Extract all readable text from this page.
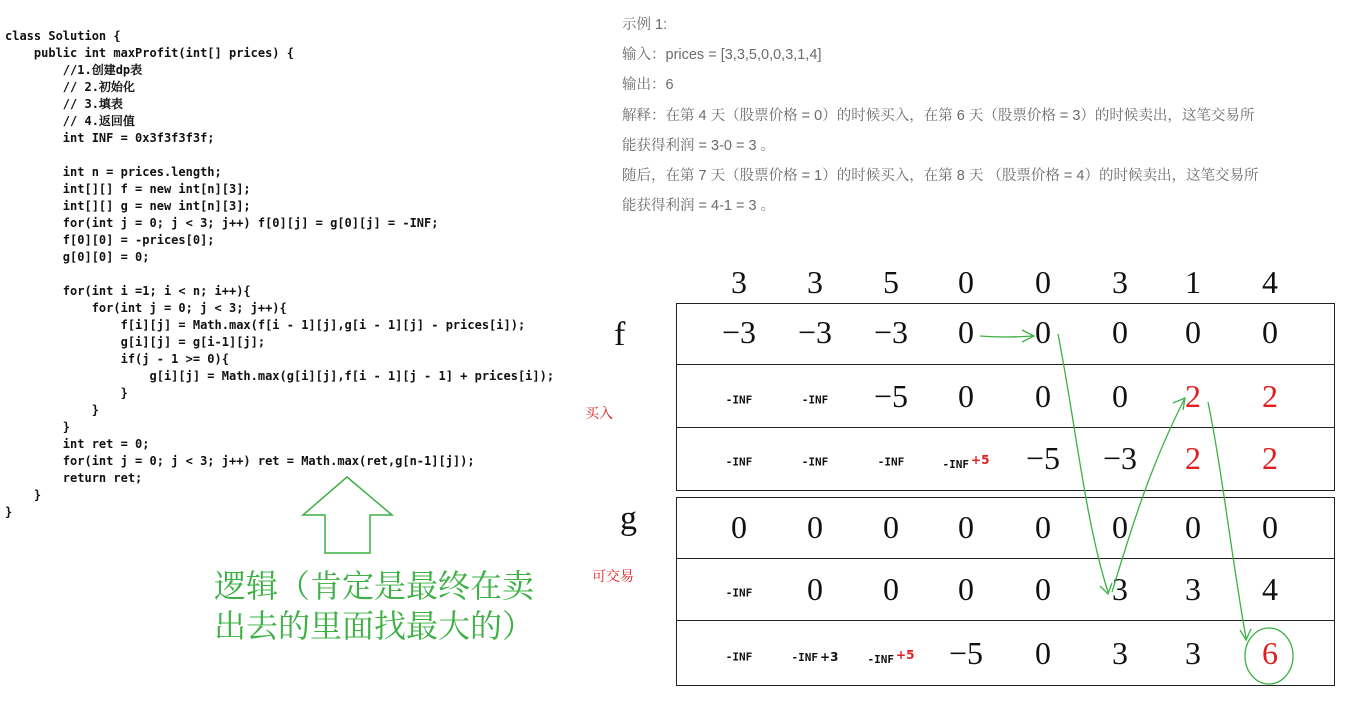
class Solution {
public int maxProfit(int[] prices) {
//1.创建dp表
// 2.初始化
// 3.填表
// 4.返回值
int INF = 0x3f3f3f3f;
int n = prices.length;
int[][] f = new int[n][3];
int[][] g = new int[n][3];
for(int j = 0; j < 3; j++) f[0][j] = g[0][j] = -INF;
f[0][0] = -prices[0];
g[0][0] = 0;
for(int i =1; i < n; i++){
for(int j = 0; j < 3; j++){
f[i][j] = Math.max(f[i - 1][j],g[i - 1][j] - prices[i]);
g[i][j] = g[i-1][j];
if(j - 1 >= 0){
g[i][j] = Math.max(g[i][j],f[i - 1][j - 1] + prices[i]);
}
}
}
int ret = 0;
for(int j = 0; j < 3; j++) ret = Math.max(ret,g[n-1][j]);
return ret;
}
}
示例 1:
输入：prices = [3,3,5,0,0,3,1,4]
输出：6
解释：在第 4 天（股票价格 = 0）的时候买入，在第 6 天（股票价格 = 3）的时候卖出，这笔交易所
能获得利润 = 3-0 = 3 。
随后，在第 7 天（股票价格 = 1）的时候买入，在第 8 天 （股票价格 = 4）的时候卖出，这笔交易所
能获得利润 = 4-1 = 3 。
3 3 5 0 0 3 1 4
−3 −3 −3 0 0 0 0 0
-INF	-INF −5 0 0 0 2 2
-INF	-INF	-INF	-INF +5 −5 −3 2 2
0 0 0 0 0 0 0 0
-INF 0 0 0 0 3 3 4
-INF	-INF +3	-INF +5 −5 0 3 3 6
f
g
买入
可交易
逻辑（肯定是最终在卖出去的里面找最大的）
